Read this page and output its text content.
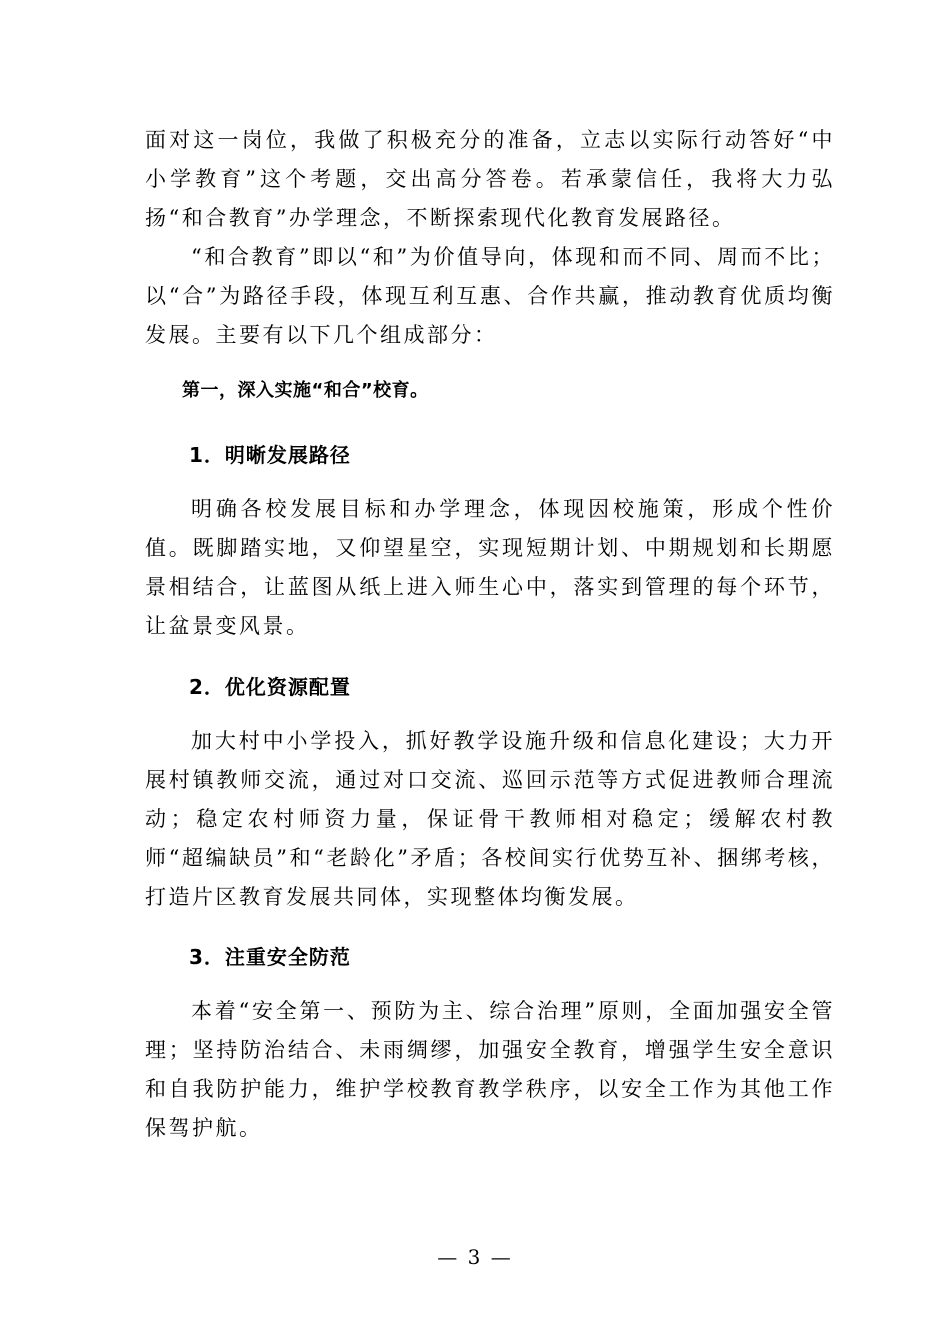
面对这一岗位，我做了积极充分的准备，立志以实际行动答好“中小学教育”这个考题，交出高分答卷。若承蒙信任，我将大力弘扬“和合教育”办学理念，不断探索现代化教育发展路径。

“和合教育”即以“和”为价值导向，体现和而不同、周而不比；以“合”为路径手段，体现互利互惠、合作共赢，推动教育优质均衡发展。主要有以下几个组成部分：

第一，深入实施“和合”校育。

1．明晰发展路径

明确各校发展目标和办学理念，体现因校施策，形成个性价值。既脚踏实地，又仰望星空，实现短期计划、中期规划和长期愿景相结合，让蓝图从纸上进入师生心中，落实到管理的每个环节，让盆景变风景。

2．优化资源配置

加大村中小学投入，抓好教学设施升级和信息化建设；大力开展村镇教师交流，通过对口交流、巡回示范等方式促进教师合理流动；稳定农村师资力量，保证骨干教师相对稳定；缓解农村教师“超编缺员”和“老龄化”矛盾；各校间实行优势互补、捆绑考核，打造片区教育发展共同体，实现整体均衡发展。

3．注重安全防范

本着“安全第一、预防为主、综合治理”原则，全面加强安全管理；坚持防治结合、未雨绸缪，加强安全教育，增强学生安全意识和自我防护能力，维护学校教育教学秩序，以安全工作为其他工作保驾护航。

— 3 —
